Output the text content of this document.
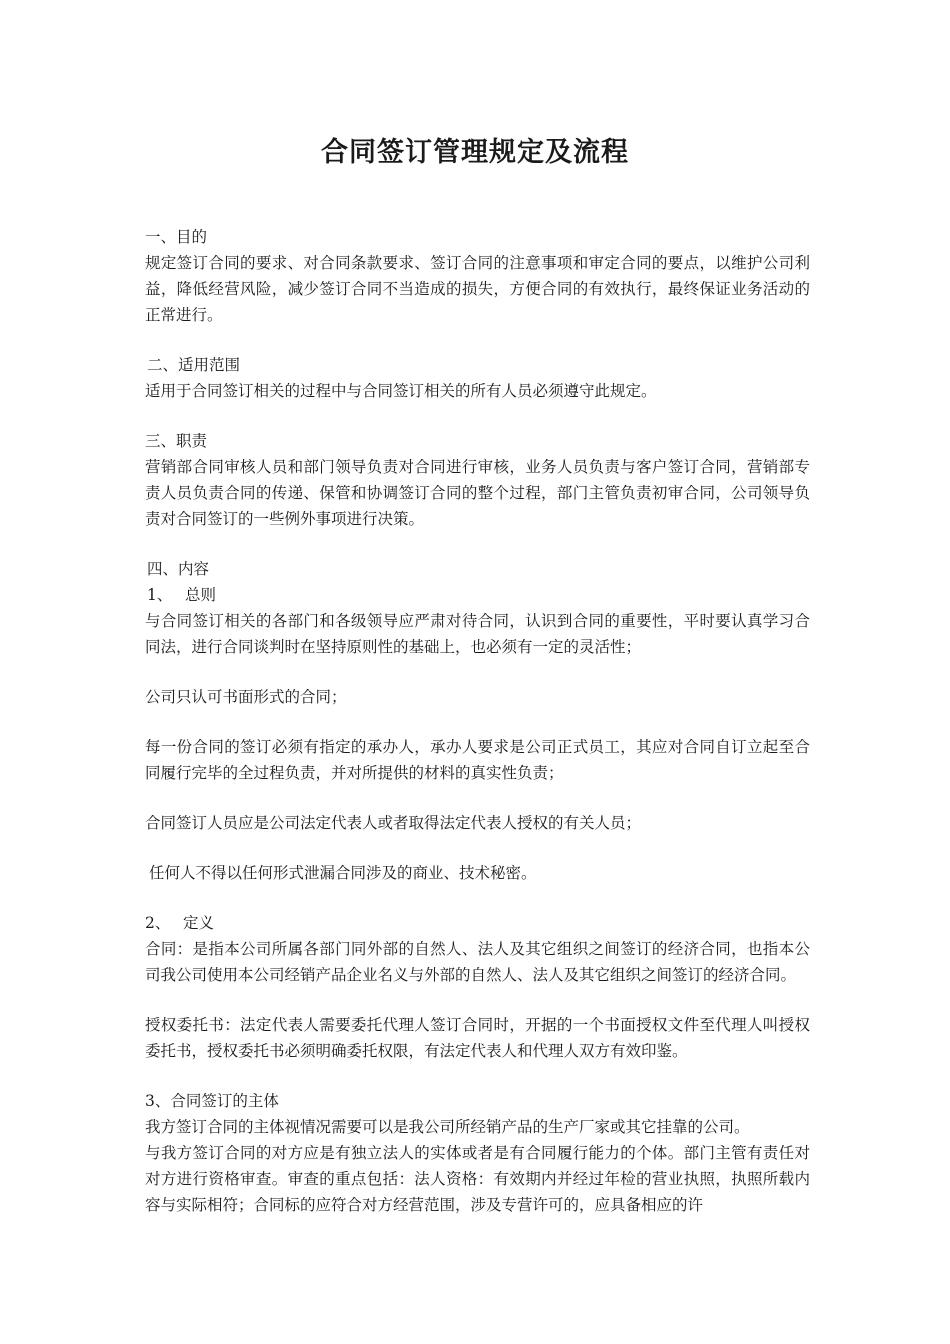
合同签订管理规定及流程

一、目的

规定签订合同的要求、对合同条款要求、签订合同的注意事项和审定合同的要点，以维护公司利益，降低经营风险，减少签订合同不当造成的损失，方便合同的有效执行，最终保证业务活动的正常进行。

二、适用范围

适用于合同签订相关的过程中与合同签订相关的所有人员必须遵守此规定。

三、职责

营销部合同审核人员和部门领导负责对合同进行审核，业务人员负责与客户签订合同，营销部专责人员负责合同的传递、保管和协调签订合同的整个过程，部门主管负责初审合同，公司领导负责对合同签订的一些例外事项进行决策。

四、内容

1、 总则

与合同签订相关的各部门和各级领导应严肃对待合同，认识到合同的重要性，平时要认真学习合同法，进行合同谈判时在坚持原则性的基础上，也必须有一定的灵活性；

公司只认可书面形式的合同；

每一份合同的签订必须有指定的承办人，承办人要求是公司正式员工，其应对合同自订立起至合同履行完毕的全过程负责，并对所提供的材料的真实性负责；

合同签订人员应是公司法定代表人或者取得法定代表人授权的有关人员；

任何人不得以任何形式泄漏合同涉及的商业、技术秘密。

2、 定义

合同：是指本公司所属各部门同外部的自然人、法人及其它组织之间签订的经济合同，也指本公司我公司使用本公司经销产品企业名义与外部的自然人、法人及其它组织之间签订的经济合同。

授权委托书：法定代表人需要委托代理人签订合同时，开据的一个书面授权文件至代理人叫授权委托书，授权委托书必须明确委托权限，有法定代表人和代理人双方有效印鉴。

3、合同签订的主体

我方签订合同的主体视情况需要可以是我公司所经销产品的生产厂家或其它挂靠的公司。

与我方签订合同的对方应是有独立法人的实体或者是有合同履行能力的个体。部门主管有责任对对方进行资格审查。审查的重点包括：法人资格：有效期内并经过年检的营业执照，执照所载内容与实际相符；合同标的应符合对方经营范围，涉及专营许可的，应具备相应的许
